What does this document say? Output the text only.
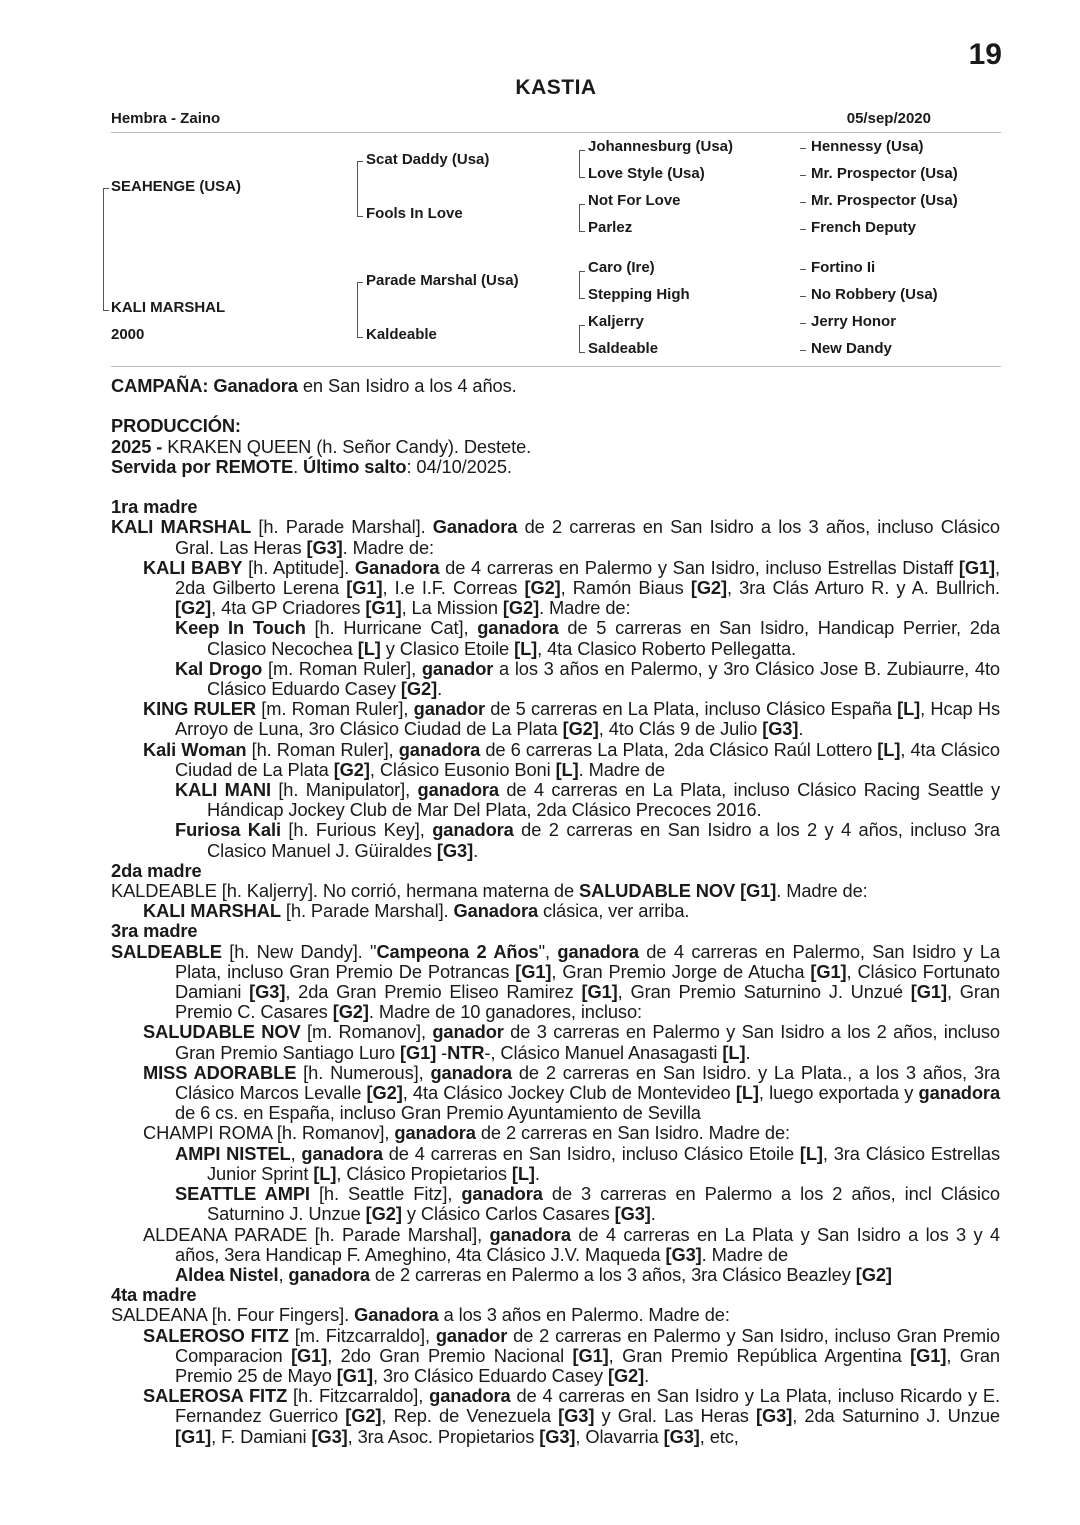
19
KASTIA
Hembra - Zaino	05/sep/2020
SEAHENGE (USA)
KALI MARSHAL
2000
Scat Daddy (Usa)
Fools In Love
Parade Marshal (Usa)
Kaldeable
Johannesburg (Usa)
Love Style (Usa)
Not For Love
Parlez
Caro (Ire)
Stepping High
Kaljerry
Saldeable
Hennessy (Usa)
Mr. Prospector (Usa)
Mr. Prospector (Usa)
French Deputy
Fortino Ii
No Robbery (Usa)
Jerry Honor
New Dandy
CAMPAÑA: Ganadora en San Isidro a los 4 años.
PRODUCCIÓN:
2025 - KRAKEN QUEEN (h. Señor Candy). Destete.
Servida por REMOTE. Último salto: 04/10/2025.
1ra madre
KALI MARSHAL [h. Parade Marshal]. Ganadora de 2 carreras en San Isidro a los 3 años, incluso Clásico Gral. Las Heras [G3]. Madre de:
KALI BABY [h. Aptitude]. Ganadora de 4 carreras en Palermo y San Isidro, incluso Estrellas Distaff [G1], 2da Gilberto Lerena [G1], I.e I.F. Correas [G2], Ramón Biaus [G2], 3ra Clás Arturo R. y A. Bullrich. [G2], 4ta GP Criadores [G1], La Mission [G2]. Madre de:
Keep In Touch [h. Hurricane Cat], ganadora de 5 carreras en San Isidro, Handicap Perrier, 2da Clasico Necochea [L] y Clasico Etoile [L], 4ta Clasico Roberto Pellegatta.
Kal Drogo [m. Roman Ruler], ganador a los 3 años en Palermo, y 3ro Clásico Jose B. Zubiaurre, 4to Clásico Eduardo Casey [G2].
KING RULER [m. Roman Ruler], ganador de 5 carreras en La Plata, incluso Clásico España [L], Hcap Hs Arroyo de Luna, 3ro Clásico Ciudad de La Plata [G2], 4to Clás 9 de Julio [G3].
Kali Woman [h. Roman Ruler], ganadora de 6 carreras La Plata, 2da Clásico Raúl Lottero [L], 4ta Clásico Ciudad de La Plata [G2], Clásico Eusonio Boni [L]. Madre de
KALI MANI [h. Manipulator], ganadora de 4 carreras en La Plata, incluso Clásico Racing Seattle y Hándicap Jockey Club de Mar Del Plata, 2da Clásico Precoces 2016.
Furiosa Kali [h. Furious Key], ganadora de 2 carreras en San Isidro a los 2 y 4 años, incluso 3ra Clasico Manuel J. Güiraldes [G3].
2da madre
KALDEABLE [h. Kaljerry]. No corrió, hermana materna de SALUDABLE NOV [G1]. Madre de:
KALI MARSHAL [h. Parade Marshal]. Ganadora clásica, ver arriba.
3ra madre
SALDEABLE [h. New Dandy]. "Campeona 2 Años", ganadora de 4 carreras en Palermo, San Isidro y La Plata, incluso Gran Premio De Potrancas [G1], Gran Premio Jorge de Atucha [G1], Clásico Fortunato Damiani [G3], 2da Gran Premio Eliseo Ramirez [G1], Gran Premio Saturnino J. Unzué [G1], Gran Premio C. Casares [G2]. Madre de 10 ganadores, incluso:
SALUDABLE NOV [m. Romanov], ganador de 3 carreras en Palermo y San Isidro a los 2 años, incluso Gran Premio Santiago Luro [G1] -NTR-, Clásico Manuel Anasagasti [L].
MISS ADORABLE [h. Numerous], ganadora de 2 carreras en San Isidro. y La Plata., a los 3 años, 3ra Clásico Marcos Levalle [G2], 4ta Clásico Jockey Club de Montevideo [L], luego exportada y ganadora de 6 cs. en España, incluso Gran Premio Ayuntamiento de Sevilla
CHAMPI ROMA [h. Romanov], ganadora de 2 carreras en San Isidro. Madre de:
AMPI NISTEL, ganadora de 4 carreras en San Isidro, incluso Clásico Etoile [L], 3ra Clásico Estrellas Junior Sprint [L], Clásico Propietarios [L].
SEATTLE AMPI [h. Seattle Fitz], ganadora de 3 carreras en Palermo a los 2 años, incl Clásico Saturnino J. Unzue [G2] y Clásico Carlos Casares [G3].
ALDEANA PARADE [h. Parade Marshal], ganadora de 4 carreras en La Plata y San Isidro a los 3 y 4 años, 3era Handicap F. Ameghino, 4ta Clásico J.V. Maqueda [G3]. Madre de
Aldea Nistel, ganadora de 2 carreras en Palermo a los 3 años, 3ra Clásico Beazley [G2]
4ta madre
SALDEANA [h. Four Fingers]. Ganadora a los 3 años en Palermo. Madre de:
SALEROSO FITZ [m. Fitzcarraldo], ganador de 2 carreras en Palermo y San Isidro, incluso Gran Premio Comparacion [G1], 2do Gran Premio Nacional [G1], Gran Premio República Argentina [G1], Gran Premio 25 de Mayo [G1], 3ro Clásico Eduardo Casey [G2].
SALEROSA FITZ [h. Fitzcarraldo], ganadora de 4 carreras en San Isidro y La Plata, incluso Ricardo y E. Fernandez Guerrico [G2], Rep. de Venezuela [G3] y Gral. Las Heras [G3], 2da Saturnino J. Unzue [G1], F. Damiani [G3], 3ra Asoc. Propietarios [G3], Olavarria [G3], etc,
